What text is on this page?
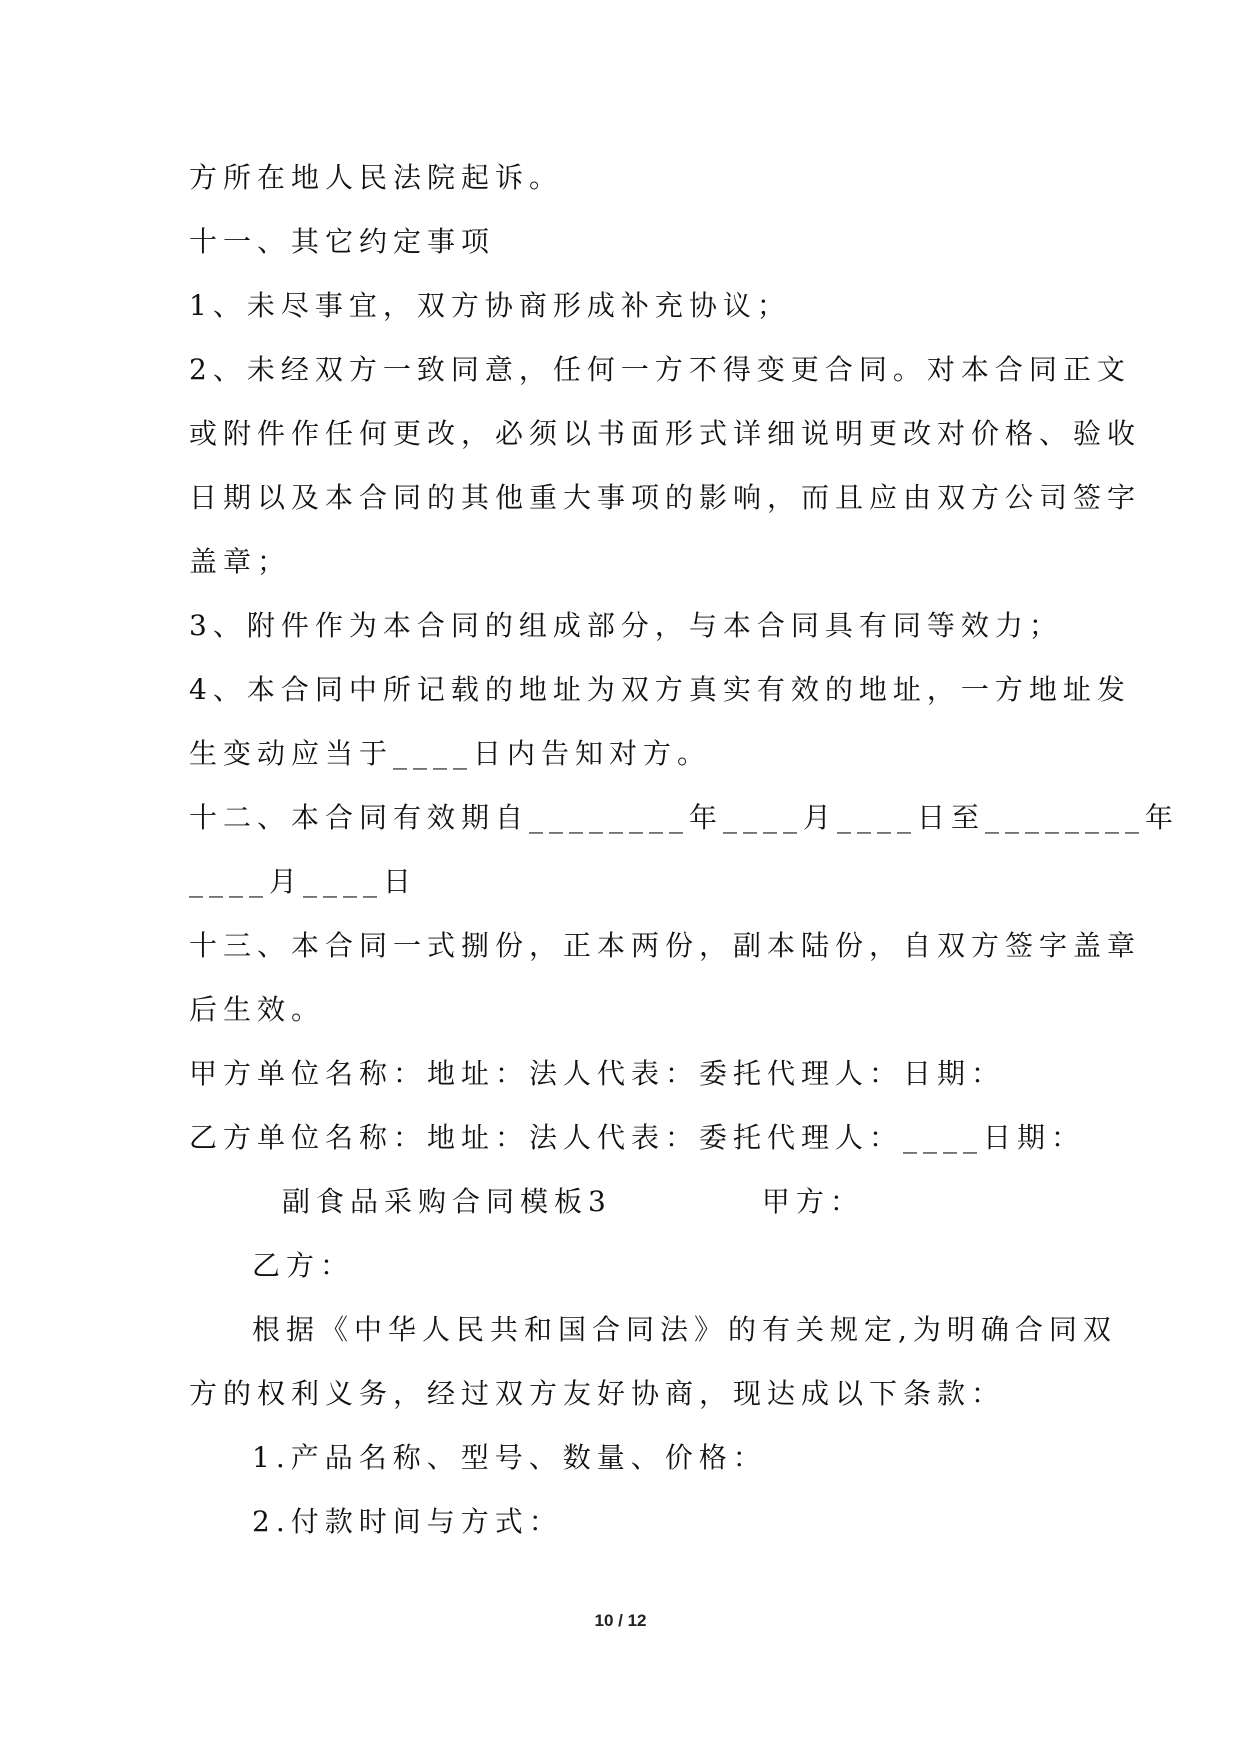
方所在地人民法院起诉。
十一、其它约定事项
1、未尽事宜，双方协商形成补充协议；
2、未经双方一致同意，任何一方不得变更合同。对本合同正文
或附件作任何更改，必须以书面形式详细说明更改对价格、验收
日期以及本合同的其他重大事项的影响，而且应由双方公司签字
盖章；
3、附件作为本合同的组成部分，与本合同具有同等效力；
4、本合同中所记载的地址为双方真实有效的地址，一方地址发
生变动应当于____日内告知对方。
十二、本合同有效期自________年____月____日至________年
____月____日
十三、本合同一式捌份，正本两份，副本陆份，自双方签字盖章
后生效。
甲方单位名称：地址：法人代表：委托代理人：日期：
乙方单位名称：地址：法人代表：委托代理人：____日期：
副食品采购合同模板3	甲方：
乙方：
根据《中华人民共和国合同法》的有关规定,为明确合同双
方的权利义务，经过双方友好协商，现达成以下条款：
1.产品名称、型号、数量、价格：
2.付款时间与方式：
10 / 12
